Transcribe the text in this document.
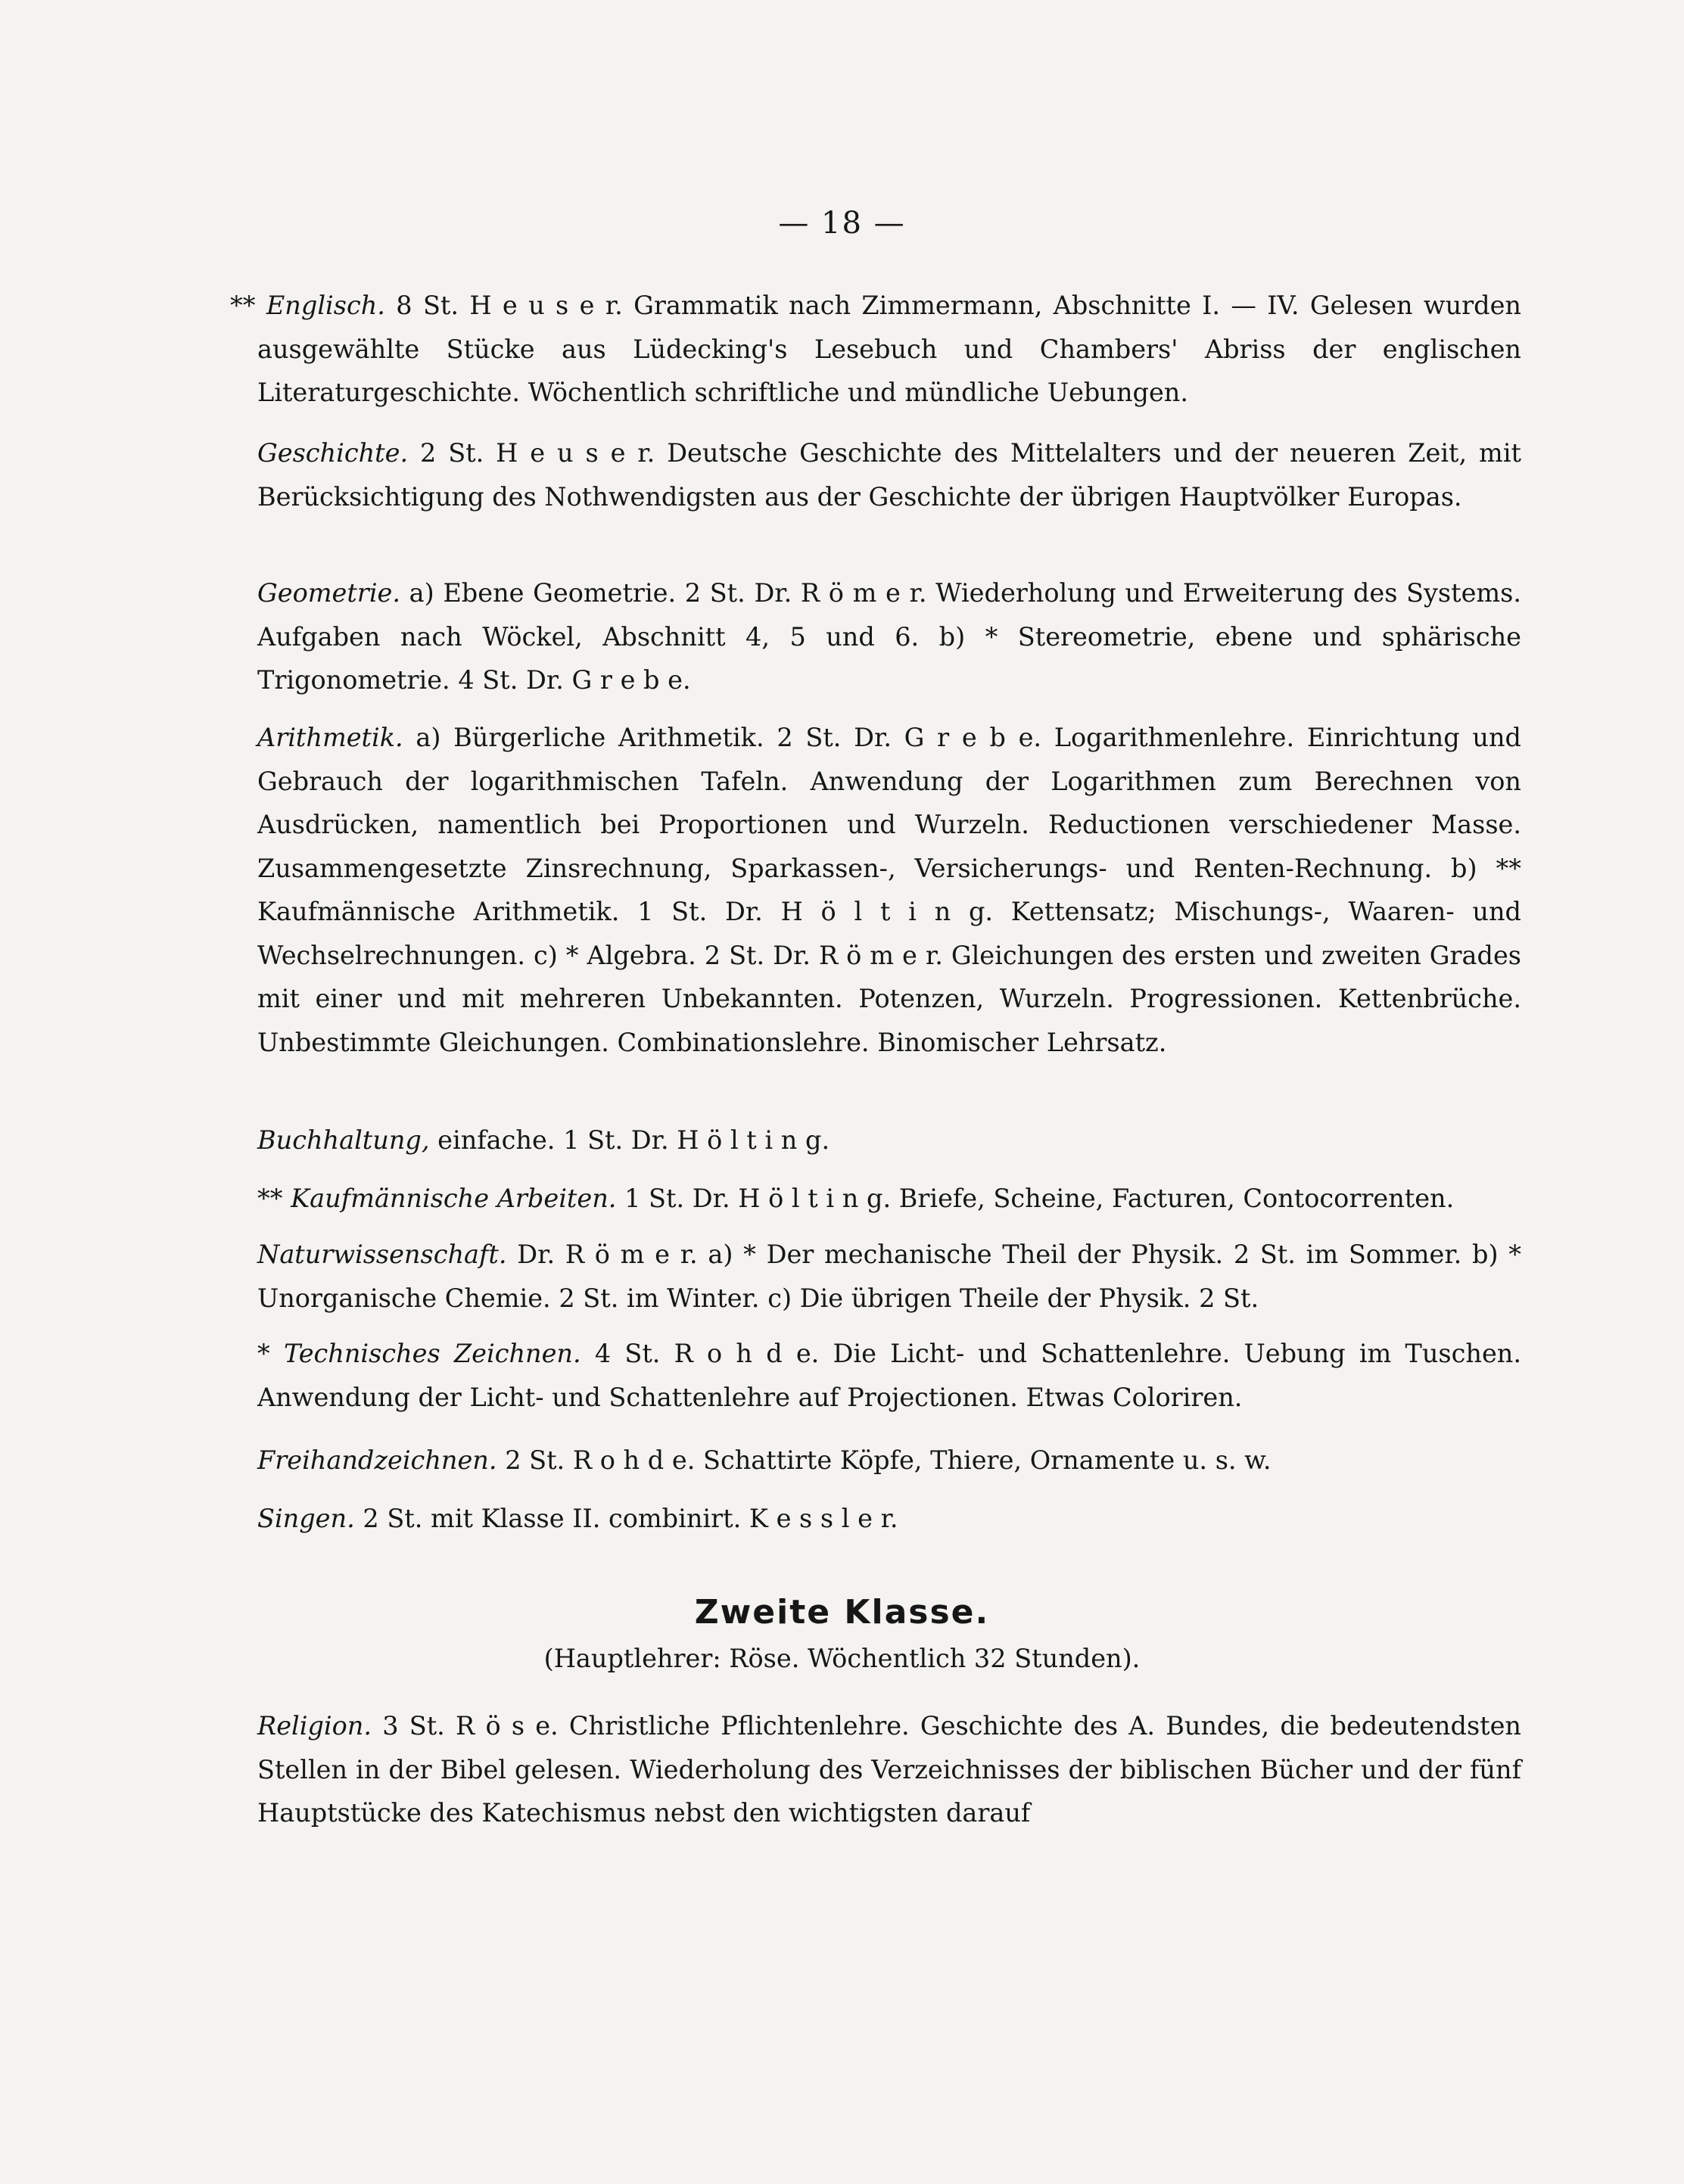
— 18 —
** Englisch. 8 St. H e u s e r. Grammatik nach Zimmermann, Abschnitte I. — IV. Gelesen wurden ausgewählte Stücke aus Lüdecking's Lesebuch und Chambers' Abriss der englischen Literaturgeschichte. Wöchentlich schriftliche und mündliche Uebungen.
Geschichte. 2 St. H e u s e r. Deutsche Geschichte des Mittelalters und der neueren Zeit, mit Berücksichtigung des Nothwendigsten aus der Geschichte der übrigen Hauptvölker Europas.
Geometrie. a) Ebene Geometrie. 2 St. Dr. R ö m e r. Wiederholung und Erweiterung des Systems. Aufgaben nach Wöckel, Abschnitt 4, 5 und 6. b) * Stereometrie, ebene und sphärische Trigonometrie. 4 St. Dr. G r e b e.
Arithmetik. a) Bürgerliche Arithmetik. 2 St. Dr. G r e b e. Logarithmenlehre. Einrichtung und Gebrauch der logarithmischen Tafeln. Anwendung der Logarithmen zum Berechnen von Ausdrücken, namentlich bei Proportionen und Wurzeln. Reductionen verschiedener Masse. Zusammengesetzte Zinsrechnung, Sparkassen-, Versicherungs- und Renten-Rechnung. b) ** Kaufmännische Arithmetik. 1 St. Dr. H ö l t i n g. Kettensatz; Mischungs-, Waaren- und Wechselrechnungen. c) * Algebra. 2 St. Dr. R ö m e r. Gleichungen des ersten und zweiten Grades mit einer und mit mehreren Unbekannten. Potenzen, Wurzeln. Progressionen. Kettenbrüche. Unbestimmte Gleichungen. Combinationslehre. Binomischer Lehrsatz.
Buchhaltung, einfache. 1 St. Dr. H ö l t i n g.
** Kaufmännische Arbeiten. 1 St. Dr. H ö l t i n g. Briefe, Scheine, Facturen, Contocorrenten.
Naturwissenschaft. Dr. R ö m e r. a) * Der mechanische Theil der Physik. 2 St. im Sommer. b) * Unorganische Chemie. 2 St. im Winter. c) Die übrigen Theile der Physik. 2 St.
* Technisches Zeichnen. 4 St. R o h d e. Die Licht- und Schattenlehre. Uebung im Tuschen. Anwendung der Licht- und Schattenlehre auf Projectionen. Etwas Coloriren.
Freihandzeichnen. 2 St. R o h d e. Schattirte Köpfe, Thiere, Ornamente u. s. w.
Singen. 2 St. mit Klasse II. combinirt. K e s s l e r.
Zweite Klasse.
(Hauptlehrer: Röse. Wöchentlich 32 Stunden).
Religion. 3 St. R ö s e. Christliche Pflichtenlehre. Geschichte des A. Bundes, die bedeutendsten Stellen in der Bibel gelesen. Wiederholung des Verzeichnisses der biblischen Bücher und der fünf Hauptstücke des Katechismus nebst den wichtigsten darauf
